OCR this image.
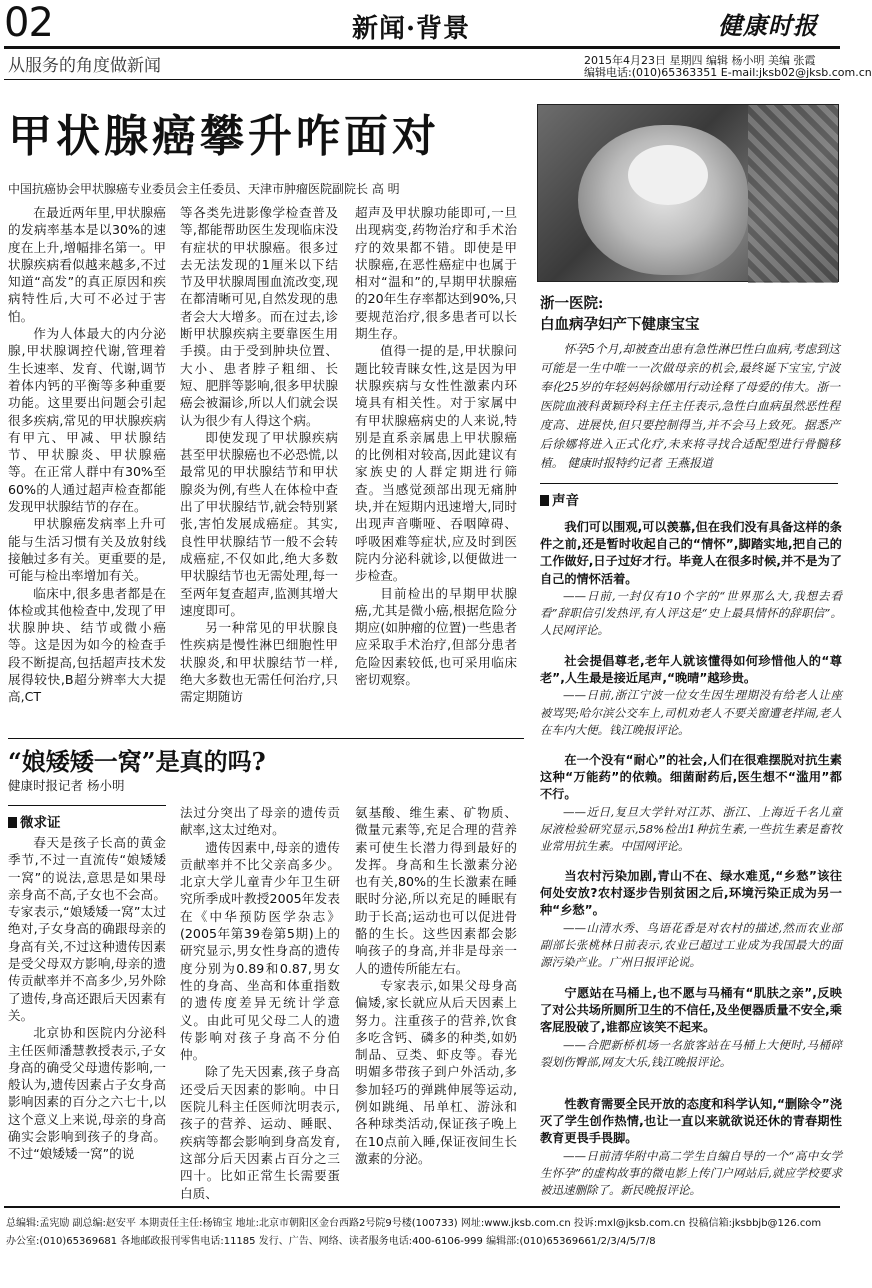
02	新闻·背景	健康时报
从服务的角度做新闻	2015年4月23日 星期四 编辑 杨小明 美编 张霞
编辑电话:(010)65363351 E-mail:jksb02@jksb.com.cn
甲状腺癌攀升咋面对
中国抗癌协会甲状腺癌专业委员会主任委员、天津市肿瘤医院副院长 高 明

在最近两年里,甲状腺癌的发病率基本是以30%的速度在上升,增幅排名第一。甲状腺疾病看似越来越多,不过知道“高发”的真正原因和疾病特性后,大可不必过于害怕。

作为人体最大的内分泌腺,甲状腺调控代谢,管理着生长速率、发育、代谢,调节着体内钙的平衡等多种重要功能。这里要出问题会引起很多疾病,常见的甲状腺疾病有甲亢、甲减、甲状腺结节、甲状腺炎、甲状腺癌等。在正常人群中有30%至60%的人通过超声检查都能发现甲状腺结节的存在。

甲状腺癌发病率上升可能与生活习惯有关及放射线接触过多有关。更重要的是,可能与检出率增加有关。

临床中,很多患者都是在体检或其他检查中,发现了甲状腺肿块、结节或微小癌等。这是因为如今的检查手段不断提高,包括超声技术发展得较快,B超分辨率大大提高,CT

等各类先进影像学检查普及等,都能帮助医生发现临床没有症状的甲状腺癌。很多过去无法发现的1厘米以下结节及甲状腺周围血流改变,现在都清晰可见,自然发现的患者会大大增多。而在过去,诊断甲状腺疾病主要靠医生用手摸。由于受到肿块位置、大小、患者脖子粗细、长短、肥胖等影响,很多甲状腺癌会被漏诊,所以人们就会误认为很少有人得这个病。

即使发现了甲状腺疾病甚至甲状腺癌也不必恐慌,以最常见的甲状腺结节和甲状腺炎为例,有些人在体检中查出了甲状腺结节,就会特别紧张,害怕发展成癌症。其实,良性甲状腺结节一般不会转成癌症,不仅如此,绝大多数甲状腺结节也无需处理,每一至两年复查超声,监测其增大速度即可。

另一种常见的甲状腺良性疾病是慢性淋巴细胞性甲状腺炎,和甲状腺结节一样,绝大多数也无需任何治疗,只需定期随访

超声及甲状腺功能即可,一旦出现病变,药物治疗和手术治疗的效果都不错。即使是甲状腺癌,在恶性癌症中也属于相对“温和”的,早期甲状腺癌的20年生存率都达到90%,只要规范治疗,很多患者可以长期生存。

值得一提的是,甲状腺问题比较青睐女性,这是因为甲状腺疾病与女性性激素内环境具有相关性。对于家属中有甲状腺癌病史的人来说,特别是直系亲属患上甲状腺癌的比例相对较高,因此建议有家族史的人群定期进行筛查。当感觉颈部出现无痛肿块,并在短期内迅速增大,同时出现声音嘶哑、吞咽障碍、呼吸困难等症状,应及时到医院内分泌科就诊,以便做进一步检查。

目前检出的早期甲状腺癌,尤其是微小癌,根据危险分期应(如肿瘤的位置)一些患者应采取手术治疗,但部分患者危险因素较低,也可采用临床密切观察。

浙一医院:
白血病孕妇产下健康宝宝

怀孕5个月,却被查出患有急性淋巴性白血病,考虑到这可能是一生中唯一一次做母亲的机会,最终诞下宝宝,宁波奉化25岁的年轻妈妈徐娜用行动诠释了母爱的伟大。浙一医院血液科黄颖玲科主任主任表示,急性白血病虽然恶性程度高、进展快,但只要控制得当,并不会马上致死。据悉产后徐娜将进入正式化疗,未来将寻找合适配型进行骨髓移植。 健康时报特约记者 王燕报道

声音

我们可以围观,可以羡慕,但在我们没有具备这样的条件之前,还是暂时收起自己的“情怀”,脚踏实地,把自己的工作做好,日子过好才行。毕竟人在很多时候,并不是为了自己的情怀活着。

——日前,一封仅有10个字的“世界那么大,我想去看看”辞职信引发热评,有人评这是“史上最具情怀的辞职信”。人民网评论。

社会提倡尊老,老年人就该懂得如何珍惜他人的“尊老”,人生最是接近尾声,“晚晴”越珍贵。

——日前,浙江宁波一位女生因生理期没有给老人让座被骂哭;哈尔滨公交车上,司机劝老人不要关窗遭老拌闹,老人在车内大便。钱江晚报评论。

在一个没有“耐心”的社会,人们在很难摆脱对抗生素这种“万能药”的依赖。细菌耐药后,医生想不“滥用”都不行。

——近日,复旦大学针对江苏、浙江、上海近千名儿童尿液检验研究显示,58%检出1种抗生素,一些抗生素是畜牧业常用抗生素。中国网评论。

当农村污染加剧,青山不在、绿水难觅,“乡愁”该往何处安放?农村逐步告别贫困之后,环境污染正成为另一种“乡愁”。

——山清水秀、鸟语花香是对农村的描述,然而农业部副部长张桃林日前表示,农业已超过工业成为我国最大的面源污染产业。广州日报评论说。

宁愿站在马桶上,也不愿与马桶有“肌肤之亲”,反映了对公共场所厕所卫生的不信任,及坐便器质量不安全,乘客屁股破了,谁都应该笑不起来。

——合肥新桥机场一名旅客站在马桶上大便时,马桶碎裂划伤臀部,网友大乐,钱江晚报评论。

性教育需要全民开放的态度和科学认知,“删除令”浇灭了学生创作热情,也让一直以来就欲说还休的青春期性教育更畏手畏脚。

——日前清华附中高二学生自编自导的一个“高中女学生怀孕”的虚构故事的微电影上传门户网站后,就应学校要求被迅速删除了。新民晚报评论。

“娘矮矮一窝”是真的吗?
健康时报记者 杨小明
微求证

春天是孩子长高的黄金季节,不过一直流传“娘矮矮一窝”的说法,意思是如果母亲身高不高,子女也不会高。专家表示,“娘矮矮一窝”太过绝对,子女身高的确跟母亲的身高有关,不过这种遗传因素是受父母双方影响,母亲的遗传贡献率并不高多少,另外除了遗传,身高还跟后天因素有关。

北京协和医院内分泌科主任医师潘慧教授表示,子女身高的确受父母遗传影响,一般认为,遗传因素占子女身高影响因素的百分之六七十,以这个意义上来说,母亲的身高确实会影响到孩子的身高。不过“娘矮矮一窝”的说

法过分突出了母亲的遗传贡献率,这太过绝对。

遗传因素中,母亲的遗传贡献率并不比父亲高多少。北京大学儿童青少年卫生研究所季成叶教授2005年发表在《中华预防医学杂志》(2005年第39卷第5期)上的研究显示,男女性身高的遗传度分别为0.89和0.87,男女性的身高、坐高和体重指数的遗传度差异无统计学意义。由此可见父母二人的遗传影响对孩子身高不分伯仲。

除了先天因素,孩子身高还受后天因素的影响。中日医院儿科主任医师沈明表示,孩子的营养、运动、睡眠、疾病等都会影响到身高发育,这部分后天因素占百分之三四十。比如正常生长需要蛋白质、

氨基酸、维生素、矿物质、微量元素等,充足合理的营养素可使生长潜力得到最好的发挥。身高和生长激素分泌也有关,80%的生长激素在睡眠时分泌,所以充足的睡眠有助于长高;运动也可以促进骨骼的生长。这些因素都会影响孩子的身高,并非是母亲一人的遗传所能左右。

专家表示,如果父母身高偏矮,家长就应从后天因素上努力。注重孩子的营养,饮食多吃含钙、磷多的种类,如奶制品、豆类、虾皮等。春光明媚多带孩子到户外活动,多参加轻巧的弹跳伸展等运动,例如跳绳、吊单杠、游泳和各种球类活动,保证孩子晚上在10点前入睡,保证夜间生长激素的分泌。

总编辑:孟宪励 副总编:赵安平 本期责任主任:杨锦宝 地址:北京市朝阳区金台西路2号院9号楼(100733) 网址:www.jksb.com.cn 投诉:mxl@jksb.com.cn 投稿信箱:jksbbjb@126.com
办公室:(010)65369681 各地邮政报刊零售电话:11185 发行、广告、网络、读者服务电话:400-6106-999 编辑部:(010)65369661/2/3/4/5/7/8
